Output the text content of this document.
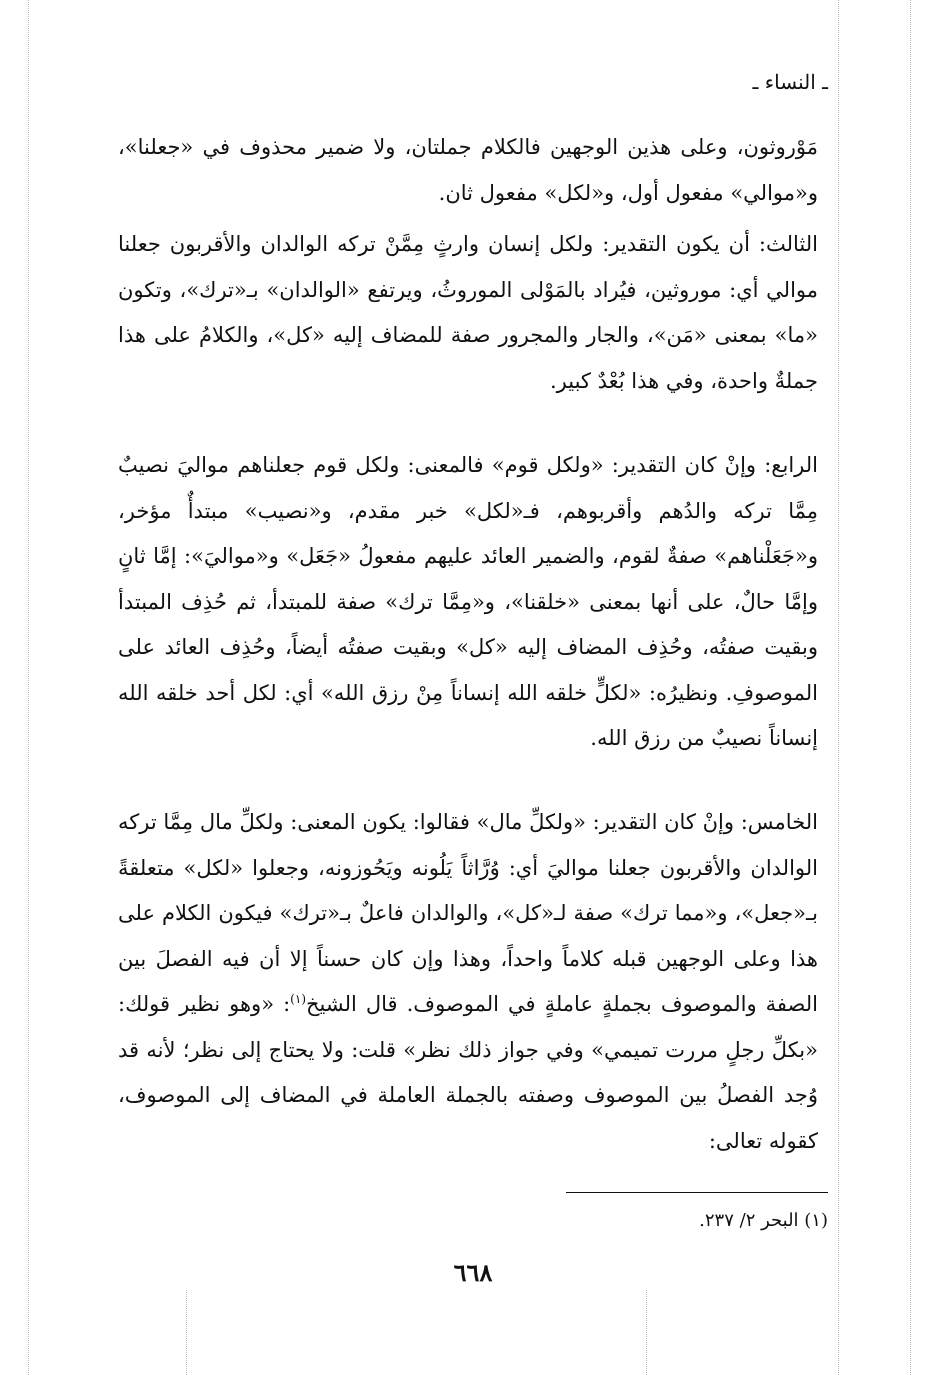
ـ النساء ـ

مَوْروثون، وعلى هذين الوجهين فالكلام جملتان، ولا ضمير محذوف في «جعلنا»، و«موالي» مفعول أول، و«لكل» مفعول ثان.

الثالث: أن يكون التقدير: ولكل إنسان وارثٍ مِمَّنْ تركه الوالدان والأقربون جعلنا موالي أي: موروثين، فيُراد بالمَوْلى الموروثُ، ويرتفع «الوالدان» بـ«ترك»، وتكون «ما» بمعنى «مَن»، والجار والمجرور صفة للمضاف إليه «كل»، والكلامُ على هذا جملةٌ واحدة، وفي هذا بُعْدٌ كبير.

الرابع: وإنْ كان التقدير: «ولكل قوم» فالمعنى: ولكل قوم جعلناهم مواليَ نصيبٌ مِمَّا تركه والدُهم وأقربوهم، فـ«لكل» خبر مقدم، و«نصيب» مبتدأٌ مؤخر، و«جَعَلْناهم» صفةٌ لقوم، والضمير العائد عليهم مفعولُ «جَعَل» و«مواليَ»: إمَّا ثانٍ وإمَّا حالٌ، على أنها بمعنى «خلقنا»، و«مِمَّا ترك» صفة للمبتدأ، ثم حُذِف المبتدأ وبقيت صفتُه، وحُذِف المضاف إليه «كل» وبقيت صفتُه أيضاً، وحُذِف العائد على الموصوفِ. ونظيرُه: «لكلٍّ خلقه الله إنساناً مِنْ رزق الله» أي: لكل أحد خلقه الله إنساناً نصيبٌ من رزق الله.

الخامس: وإنْ كان التقدير: «ولكلِّ مال» فقالوا: يكون المعنى: ولكلِّ مال مِمَّا تركه الوالدان والأقربون جعلنا مواليَ أي: وُرَّاثاً يَلُونه ويَحُوزونه، وجعلوا «لكل» متعلقةً بـ«جعل»، و«مما ترك» صفة لـ«كل»، والوالدان فاعلٌ بـ«ترك» فيكون الكلام على هذا وعلى الوجهين قبله كلاماً واحداً، وهذا وإن كان حسناً إلا أن فيه الفصلَ بين الصفة والموصوف بجملةٍ عاملةٍ في الموصوف. قال الشيخ$^{(١)}$: «وهو نظير قولك: «بكلِّ رجلٍ مررت تميمي» وفي جواز ذلك نظر» قلت: ولا يحتاج إلى نظر؛ لأنه قد وُجد الفصلُ بين الموصوف وصفته بالجملة العاملة في المضاف إلى الموصوف، كقوله تعالى:

(١) البحر ٢/ ٢٣٧.
٦٦٨
